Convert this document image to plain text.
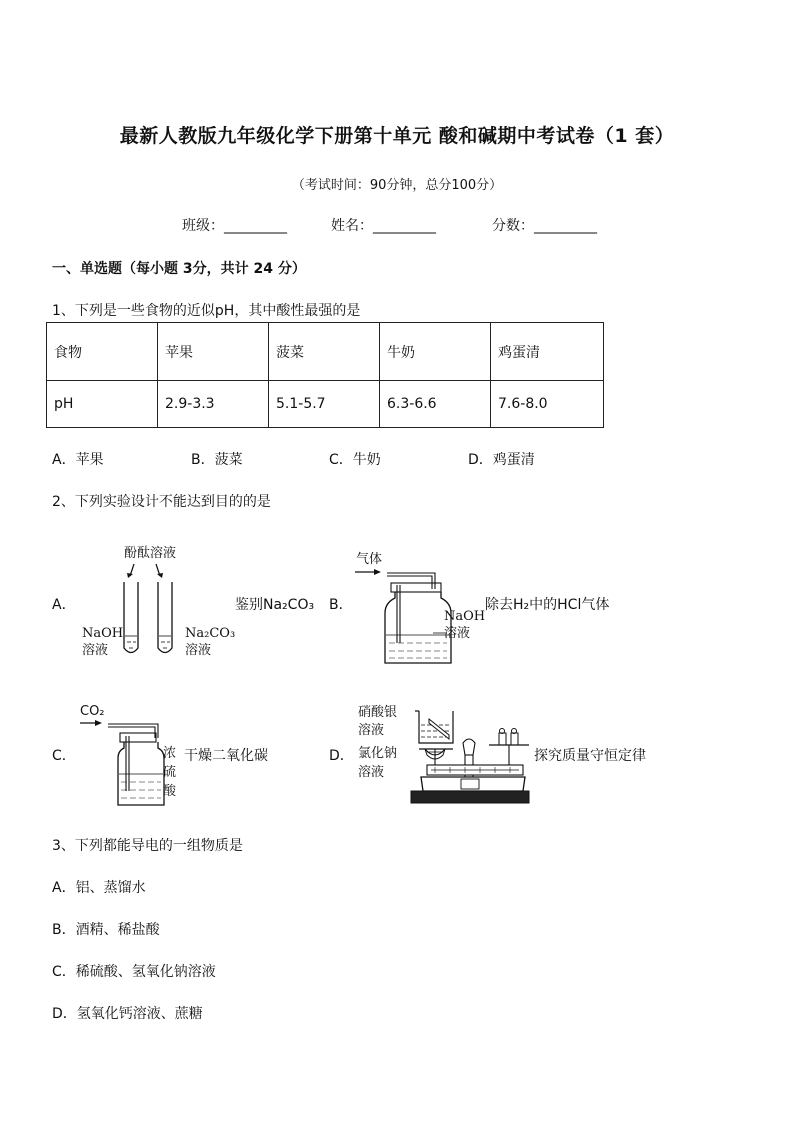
最新人教版九年级化学下册第十单元 酸和碱期中考试卷（1 套）
（考试时间：90分钟，总分100分）
班级：_________	姓名：_________	分数：_________
一、单选题（每小题 3分，共计 24 分）
1、下列是一些食物的近似pH，其中酸性最强的是
食物	苹果	菠菜	牛奶	鸡蛋清
pH	2.9-3.3	5.1-5.7	6.3-6.6	7.6-8.0
A．苹果	B．菠菜	C．牛奶	D．鸡蛋清
2、下列实验设计不能达到目的的是
A．
酚酞溶液
NaOH
溶液
Na₂CO₃
溶液
鉴别Na₂CO₃ B．
气体
NaOH
溶液
除去H₂中的HCl气体
C．
CO₂
浓
硫
酸
干燥二氧化碳	D．
硝酸银
溶液
氯化钠
溶液
探究质量守恒定律
3、下列都能导电的一组物质是
A．铝、蒸馏水
B．酒精、稀盐酸
C．稀硫酸、氢氧化钠溶液
D．氢氧化钙溶液、蔗糖
